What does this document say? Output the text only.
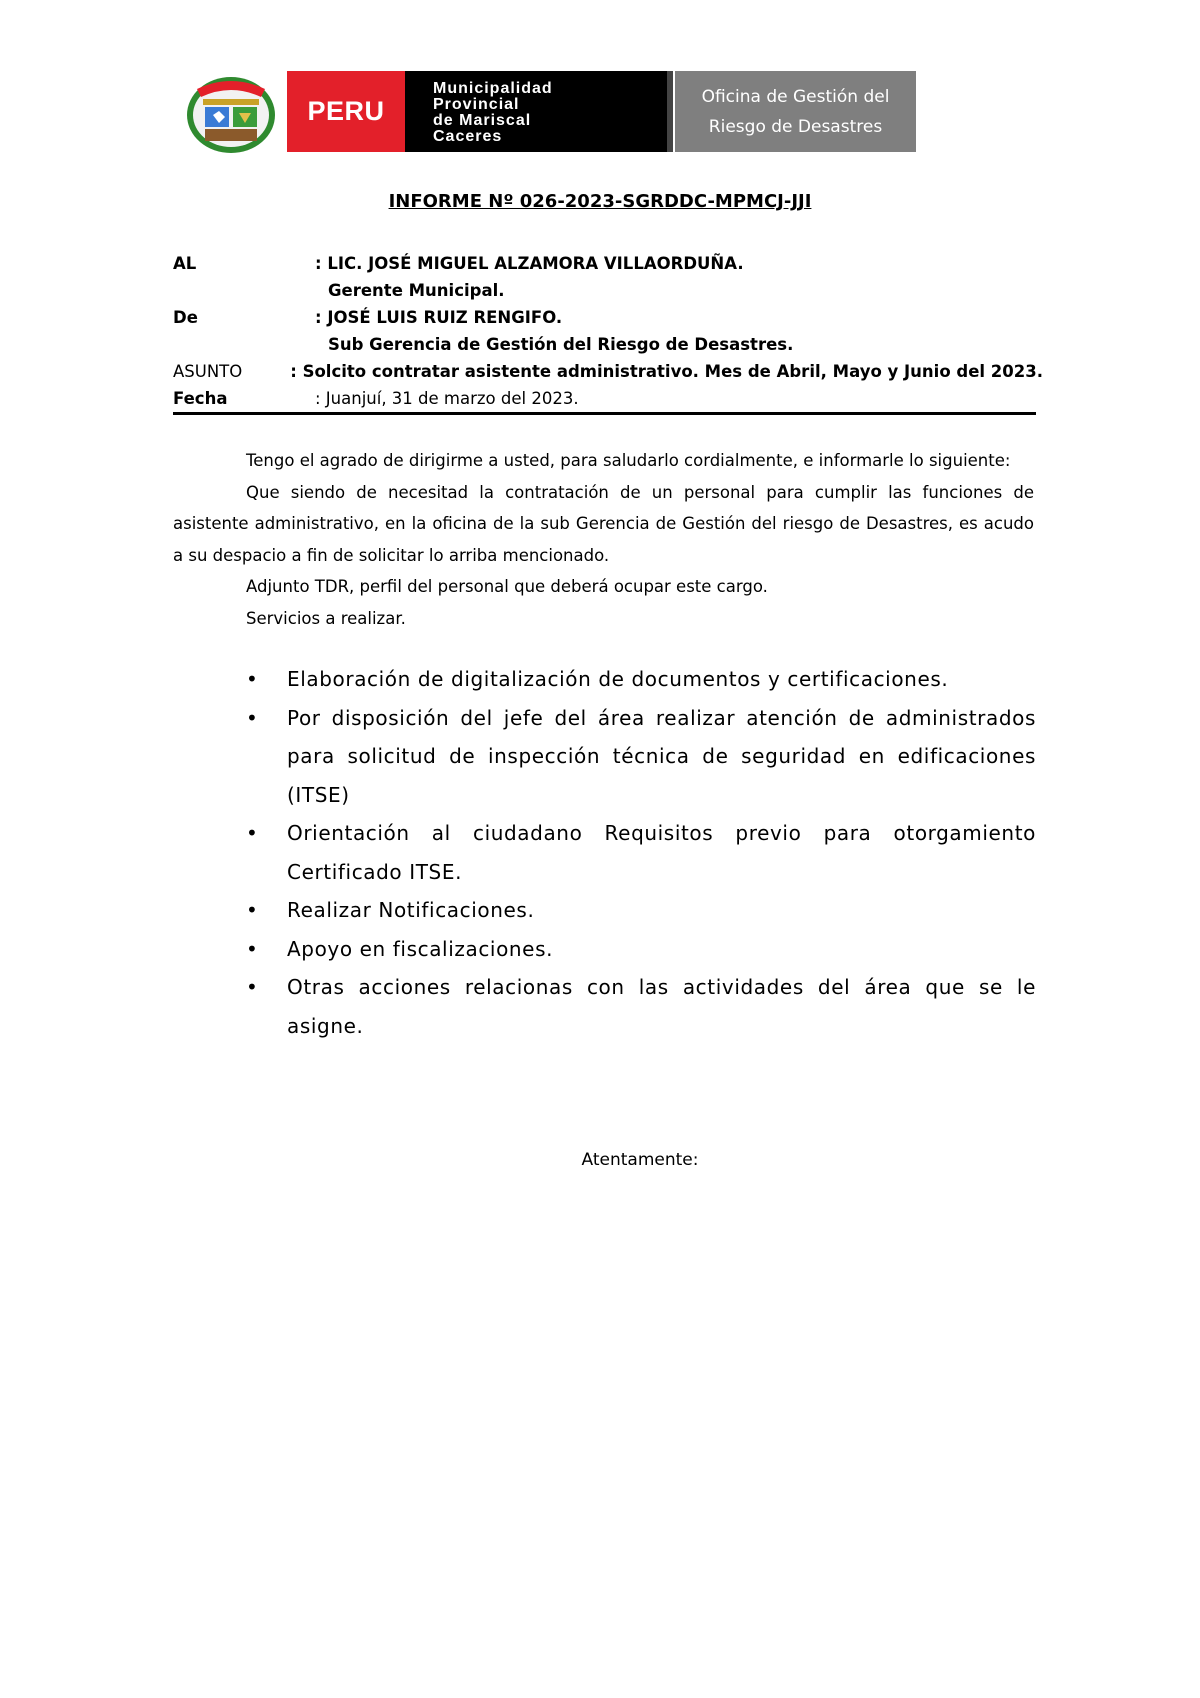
PERU
Municipalidad
Provincial
de Mariscal
Caceres
Oficina de Gestión del
Riesgo de Desastres
INFORME Nº 026-2023-SGRDDC-MPMCJ-JJI
AL	: LIC. JOSÉ MIGUEL ALZAMORA VILLAORDUÑA.
Gerente Municipal.
De	: JOSÉ LUIS RUIZ RENGIFO.
Sub Gerencia de Gestión del Riesgo de Desastres.
ASUNTO	: Solcito contratar asistente administrativo. Mes de Abril, Mayo y Junio del 2023.
Fecha	: Juanjuí, 31 de marzo del 2023.

Tengo el agrado de dirigirme a usted, para saludarlo cordialmente, e informarle lo siguiente:

Que siendo de necesitad la contratación de un personal para cumplir las funciones de asistente administrativo, en la oficina de la sub Gerencia de Gestión del riesgo de Desastres, es acudo a su despacio a fin de solicitar lo arriba mencionado.

Adjunto TDR, perfil del personal que deberá ocupar este cargo.

Servicios a realizar.

• Elaboración de digitalización de documentos y certificaciones.
• Por disposición del jefe del área realizar atención de administrados para solicitud de inspección técnica de seguridad en edificaciones (ITSE)
• Orientación al ciudadano Requisitos previo para otorgamiento Certificado ITSE.
• Realizar Notificaciones.
• Apoyo en fiscalizaciones.
• Otras acciones relacionas con las actividades del área que se le asigne.
Atentamente:
